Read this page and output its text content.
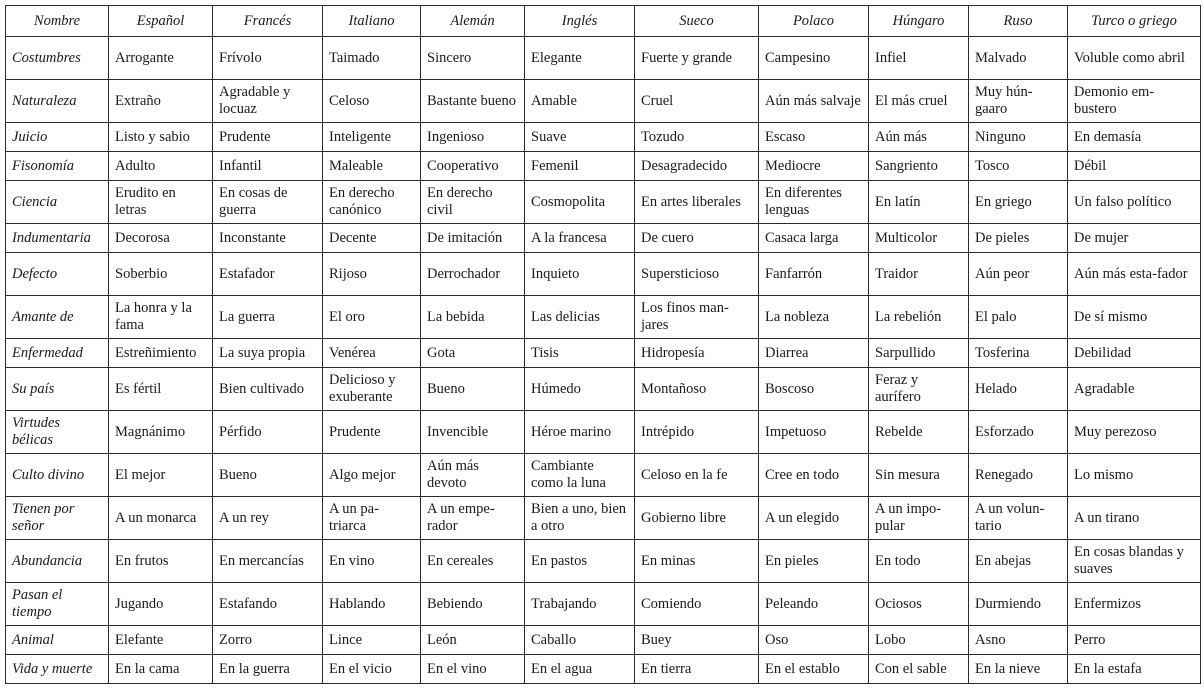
Nombre	Español	Francés	Italiano	Alemán	Inglés	Sueco	Polaco	Húngaro	Ruso	Turco o griego
Costumbres	Arrogante	Frívolo	Taimado	Sincero	Elegante	Fuerte y grande	Campesino	Infiel	Malvado	Voluble como abril
Naturaleza	Extraño	Agradable y locuaz	Celoso	Bastante bueno	Amable	Cruel	Aún más salvaje	El más cruel	Muy hún-gaaro	Demonio em-bustero
Juicio	Listo y sabio	Prudente	Inteligente	Ingenioso	Suave	Tozudo	Escaso	Aún más	Ninguno	En demasía
Fisonomía	Adulto	Infantil	Maleable	Cooperativo	Femenil	Desagradecido	Mediocre	Sangriento	Tosco	Débil
Ciencia	Erudito en letras	En cosas de guerra	En derecho canónico	En derecho civil	Cosmopolita	En artes liberales	En diferentes lenguas	En latín	En griego	Un falso político
Indumentaria	Decorosa	Inconstante	Decente	De imitación	A la francesa	De cuero	Casaca larga	Multicolor	De pieles	De mujer
Defecto	Soberbio	Estafador	Rijoso	Derrochador	Inquieto	Supersticioso	Fanfarrón	Traidor	Aún peor	Aún más esta-fador
Amante de	La honra y la fama	La guerra	El oro	La bebida	Las delicias	Los finos man-jares	La nobleza	La rebelión	El palo	De sí mismo
Enfermedad	Estreñimiento	La suya propia	Venérea	Gota	Tisis	Hidropesía	Diarrea	Sarpullido	Tosferina	Debilidad
Su país	Es fértil	Bien cultivado	Delicioso y exuberante	Bueno	Húmedo	Montañoso	Boscoso	Feraz y aurífero	Helado	Agradable
Virtudes bélicas	Magnánimo	Pérfido	Prudente	Invencible	Héroe marino	Intrépido	Impetuoso	Rebelde	Esforzado	Muy perezoso
Culto divino	El mejor	Bueno	Algo mejor	Aún más devoto	Cambiante como la luna	Celoso en la fe	Cree en todo	Sin mesura	Renegado	Lo mismo
Tienen por señor	A un monarca	A un rey	A un pa-triarca	A un empe-rador	Bien a uno, bien a otro	Gobierno libre	A un elegido	A un impo-pular	A un volun-tario	A un tirano
Abundancia	En frutos	En mercancías	En vino	En cereales	En pastos	En minas	En pieles	En todo	En abejas	En cosas blandas y suaves
Pasan el tiempo	Jugando	Estafando	Hablando	Bebiendo	Trabajando	Comiendo	Peleando	Ociosos	Durmiendo	Enfermizos
Animal	Elefante	Zorro	Lince	León	Caballo	Buey	Oso	Lobo	Asno	Perro
Vida y muerte	En la cama	En la guerra	En el vicio	En el vino	En el agua	En tierra	En el establo	Con el sable	En la nieve	En la estafa
